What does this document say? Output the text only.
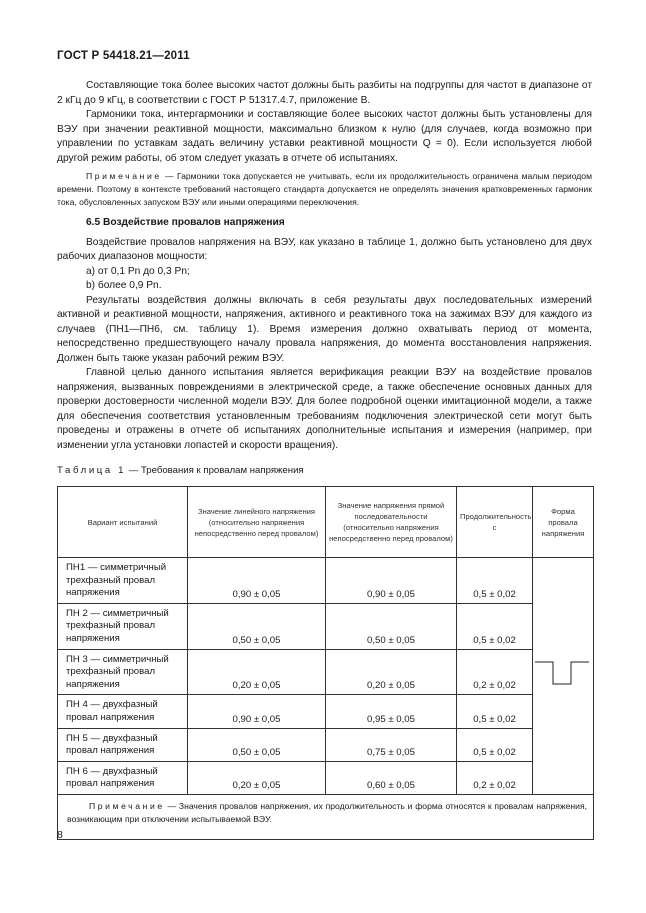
ГОСТ Р 54418.21—2011

Составляющие тока более высоких частот должны быть разбиты на подгруппы для частот в диапазоне от 2 кГц до 9 кГц, в соответствии с ГОСТ Р 51317.4.7, приложение В.

Гармоники тока, интергармоники и составляющие более высоких частот должны быть установлены для ВЭУ при значении реактивной мощности, максимально близком к нулю (для случаев, когда возможно при управлении по уставкам задать величину уставки реактивной мощности Q = 0). Если используется любой другой режим работы, об этом следует указать в отчете об испытаниях.

Примечание — Гармоники тока допускается не учитывать, если их продолжительность ограничена малым периодом времени. Поэтому в контексте требований настоящего стандарта допускается не определять значения кратковременных гармоник тока, обусловленных запуском ВЭУ или иными операциями переключения.

6.5 Воздействие провалов напряжения

Воздействие провалов напряжения на ВЭУ, как указано в таблице 1, должно быть установлено для двух рабочих диапазонов мощности:

a) от 0,1 Pn до 0,3 Pn;

b) более 0,9 Pn.

Результаты воздействия должны включать в себя результаты двух последовательных измерений активной и реактивной мощности, напряжения, активного и реактивного тока на зажимах ВЭУ для каждого из случаев (ПН1—ПН6, см. таблицу 1). Время измерения должно охватывать период от момента, непосредственно предшествующего началу провала напряжения, до момента восстановления напряжения. Должен быть также указан рабочий режим ВЭУ.

Главной целью данного испытания является верификация реакции ВЭУ на воздействие провалов напряжения, вызванных повреждениями в электрической среде, а также обеспечение основных данных для проверки достоверности численной модели ВЭУ. Для более подробной оценки имитационной модели, а также для обеспечения соответствия установленным требованиям подключения электрической сети могут быть проведены и отражены в отчете об испытаниях дополнительные испытания и измерения (например, при изменении угла установки лопастей и скорости вращения).

Таблица 1 — Требования к провалам напряжения
Вариант испытаний	Значение линейного напряжения (относительно напряжения непосредственно перед провалом)	Значение напряжения прямой последовательности (относительно напряжения непосредственно перед провалом)	Продолжительность, с	Форма провала напряжения
ПН1 — симметричный трехфазный провал напряжения	0,90 ± 0,05	0,90 ± 0,05	0,5 ± 0,02	
ПН 2 — симметричный трехфазный провал напряжения	0,50 ± 0,05	0,50 ± 0,05	0,5 ± 0,02	
ПН 3 — симметричный трехфазный провал напряжения	0,20 ± 0,05	0,20 ± 0,05	0,2 ± 0,02	
ПН 4 — двухфазный провал напряжения	0,90 ± 0,05	0,95 ± 0,05	0,5 ± 0,02	
ПН 5 — двухфазный провал напряжения	0,50 ± 0,05	0,75 ± 0,05	0,5 ± 0,02	
ПН 6 — двухфазный провал напряжения	0,20 ± 0,05	0,60 ± 0,05	0,2 ± 0,02	
Примечание — Значения провалов напряжения, их продолжительность и форма относятся к провалам напряжения, возникающим при отключении испытываемой ВЭУ.				
8
